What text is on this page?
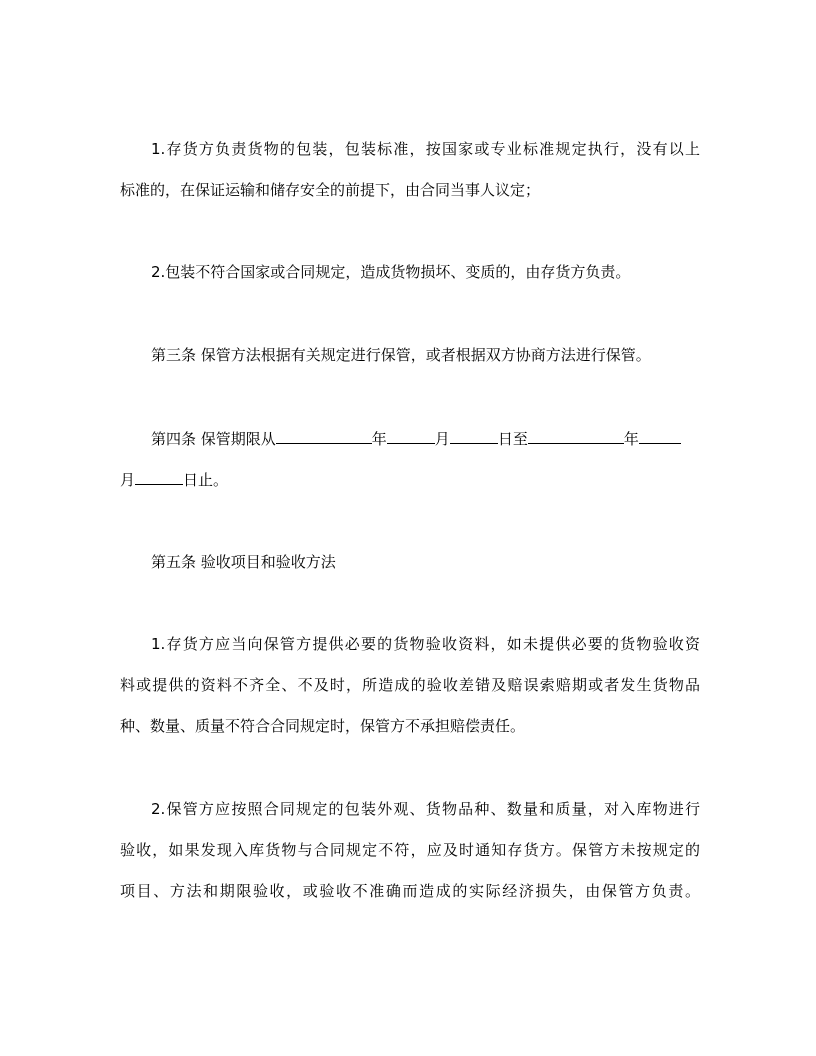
1.存货方负责货物的包装，包装标准，按国家或专业标准规定执行，没有以上
标准的，在保证运输和储存安全的前提下，由合同当事人议定；
2.包装不符合国家或合同规定，造成货物损坏、变质的，由存货方负责。
第三条 保管方法根据有关规定进行保管，或者根据双方协商方法进行保管。
第四条 保管期限从	年	月	日至	年
月	日止。
第五条 验收项目和验收方法
1.存货方应当向保管方提供必要的货物验收资料，如未提供必要的货物验收资
料或提供的资料不齐全、不及时，所造成的验收差错及赔误索赔期或者发生货物品
种、数量、质量不符合合同规定时，保管方不承担赔偿责任。
2.保管方应按照合同规定的包装外观、货物品种、数量和质量，对入库物进行
验收，如果发现入库货物与合同规定不符，应及时通知存货方。保管方未按规定的
项目、方法和期限验收，或验收不准确而造成的实际经济损失，由保管方负责。
